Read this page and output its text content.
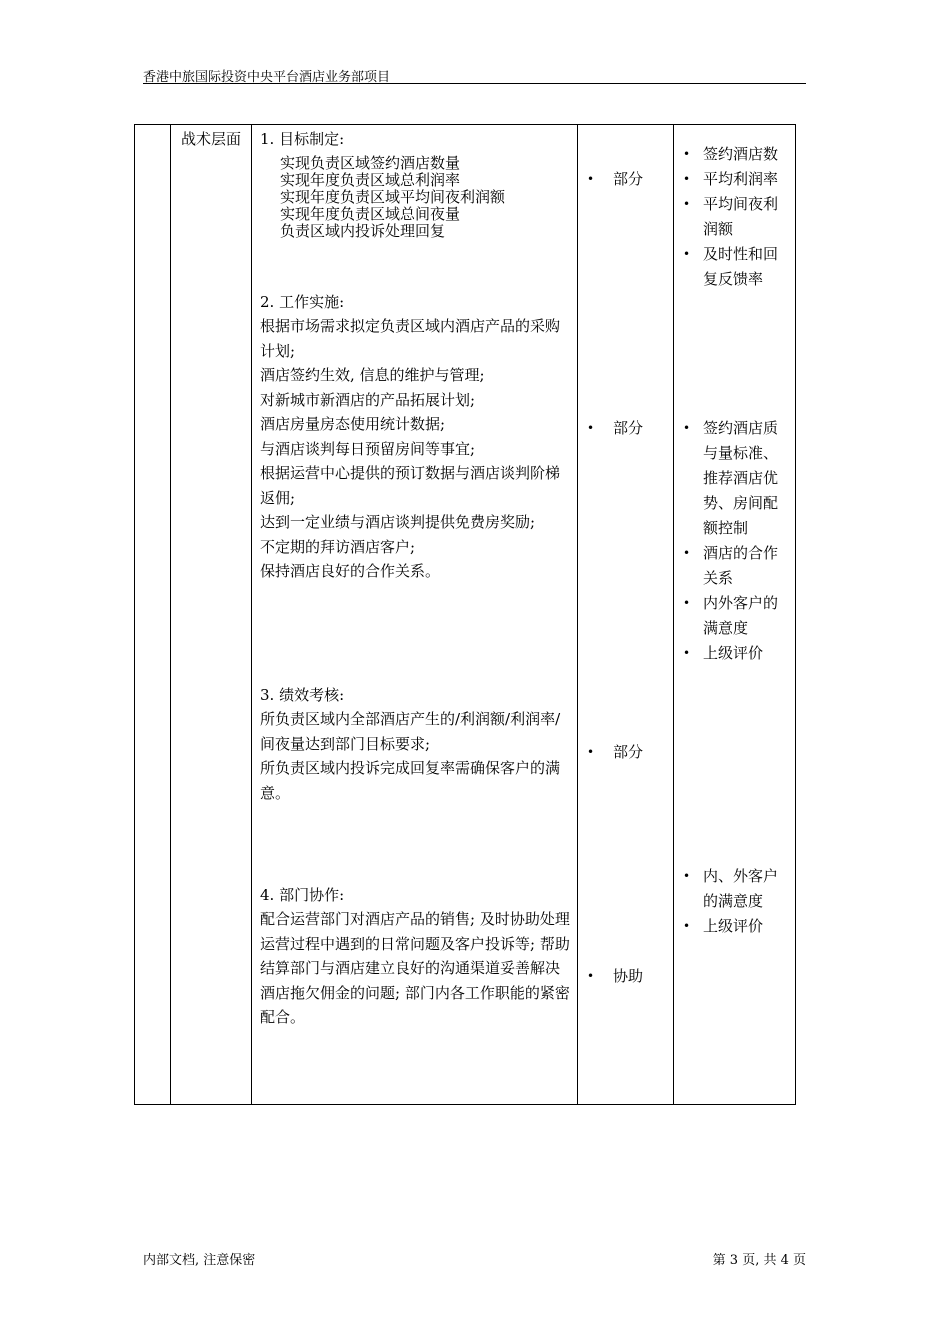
香港中旅国际投资中央平台酒店业务部项目
战术层面 1. 目标制定:
实现负责区域签约酒店数量
实现年度负责区域总利润率
实现年度负责区域平均间夜利润额
实现年度负责区域总间夜量
负责区域内投诉处理回复
2. 工作实施:
根据市场需求拟定负责区域内酒店产品的采购计划;
酒店签约生效, 信息的维护与管理;
对新城市新酒店的产品拓展计划;
酒店房量房态使用统计数据;
与酒店谈判每日预留房间等事宜;
根据运营中心提供的预订数据与酒店谈判阶梯返佣;
达到一定业绩与酒店谈判提供免费房奖励;
不定期的拜访酒店客户;
保持酒店良好的合作关系。
3. 绩效考核:
所负责区域内全部酒店产生的/利润额/利润率/间夜量达到部门目标要求;
所负责区域内投诉完成回复率需确保客户的满意。
4. 部门协作:
配合运营部门对酒店产品的销售; 及时协助处理运营过程中遇到的日常问题及客户投诉等; 帮助结算部门与酒店建立良好的沟通渠道妥善解决酒店拖欠佣金的问题; 部门内各工作职能的紧密配合。
• 部分
• 部分
• 部分
• 协助
• 签约酒店数
• 平均利润率
• 平均间夜利润额
• 及时性和回复反馈率
• 签约酒店质与量标准、推荐酒店优势、房间配额控制
• 酒店的合作关系
• 内外客户的满意度
• 上级评价
• 内、外客户的满意度
• 上级评价
内部文档, 注意保密	第 3 页, 共 4 页
